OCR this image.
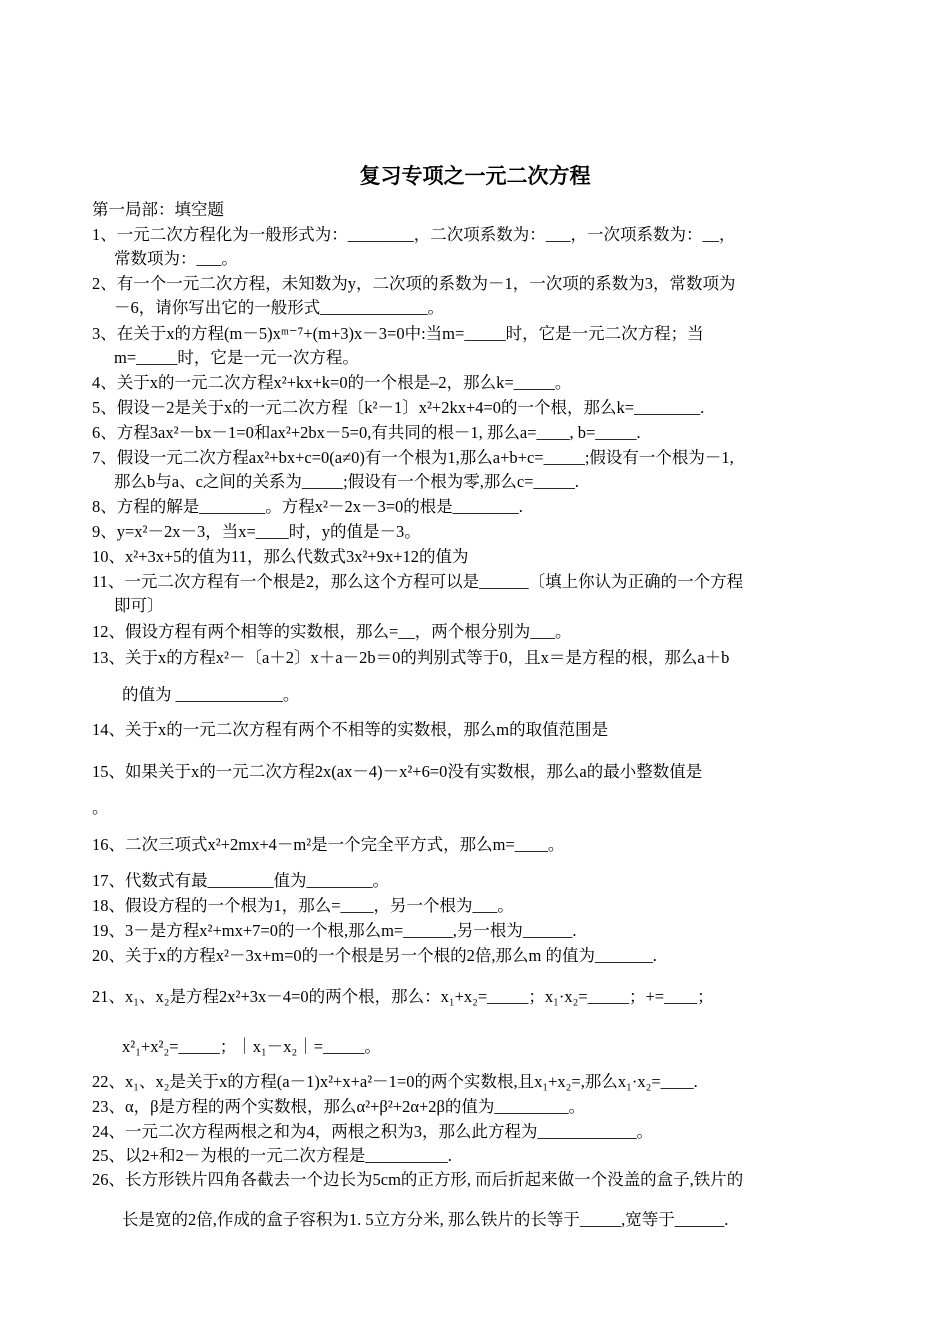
复习专项之一元二次方程
第一局部：填空题
1、一元二次方程化为一般形式为：________，二次项系数为：___，一次项系数为：__，
常数项为：___。
2、有一个一元二次方程，未知数为y，二次项的系数为－1，一次项的系数为3，常数项为
－6，请你写出它的一般形式_____________。
3、在关于x的方程(m－5)xᵐ⁻⁷+(m+3)x－3=0中:当m=_____时，它是一元二次方程；当
m=_____时，它是一元一次方程。
4、关于x的一元二次方程x²+kx+k=0的一个根是–2，那么k=_____。
5、假设－2是关于x的一元二次方程〔k²－1〕x²+2kx+4=0的一个根，那么k=________.
6、方程3ax²－bx－1=0和ax²+2bx－5=0,有共同的根－1, 那么a=____, b=_____.
7、假设一元二次方程ax²+bx+c=0(a≠0)有一个根为1,那么a+b+c=_____;假设有一个根为－1,
那么b与a、c之间的关系为_____;假设有一个根为零,那么c=_____.
8、方程的解是________。方程x²－2x－3=0的根是________.
9、y=x²－2x－3，当x=____时，y的值是－3。
10、x²+3x+5的值为11，那么代数式3x²+9x+12的值为
11、一元二次方程有一个根是2，那么这个方程可以是______〔填上你认为正确的一个方程
即可〕
12、假设方程有两个相等的实数根，那么=__，两个根分别为___。
13、关于x的方程x²－〔a＋2〕x＋a－2b＝0的判别式等于0，且x＝是方程的根，那么a＋b
的值为 _____________。
14、关于x的一元二次方程有两个不相等的实数根，那么m的取值范围是
15、如果关于x的一元二次方程2x(ax－4)－x²+6=0没有实数根，那么a的最小整数值是
。
16、二次三项式x²+2mx+4－m²是一个完全平方式，那么m=____。
17、代数式有最________值为________。
18、假设方程的一个根为1，那么=____，另一个根为___。
19、3－是方程x²+mx+7=0的一个根,那么m=______,另一根为______.
20、关于x的方程x²－3x+m=0的一个根是另一个根的2倍,那么m 的值为_______.
21、x₁、x₂是方程2x²+3x－4=0的两个根，那么：x₁+x₂=_____；x₁·x₂=_____；+=____；
x²₁+x²₂=_____；｜x₁－x₂｜=_____。
22、x₁、x₂是关于x的方程(a－1)x²+x+a²－1=0的两个实数根,且x₁+x₂=,那么x₁·x₂=____.
23、α，β是方程的两个实数根，那么α²+β²+2α+2β的值为_________。
24、一元二次方程两根之和为4，两根之积为3，那么此方程为____________。
25、以2+和2－为根的一元二次方程是__________.
26、长方形铁片四角各截去一个边长为5cm的正方形, 而后折起来做一个没盖的盒子,铁片的
长是宽的2倍,作成的盒子容积为1. 5立方分米, 那么铁片的长等于_____,宽等于______.
